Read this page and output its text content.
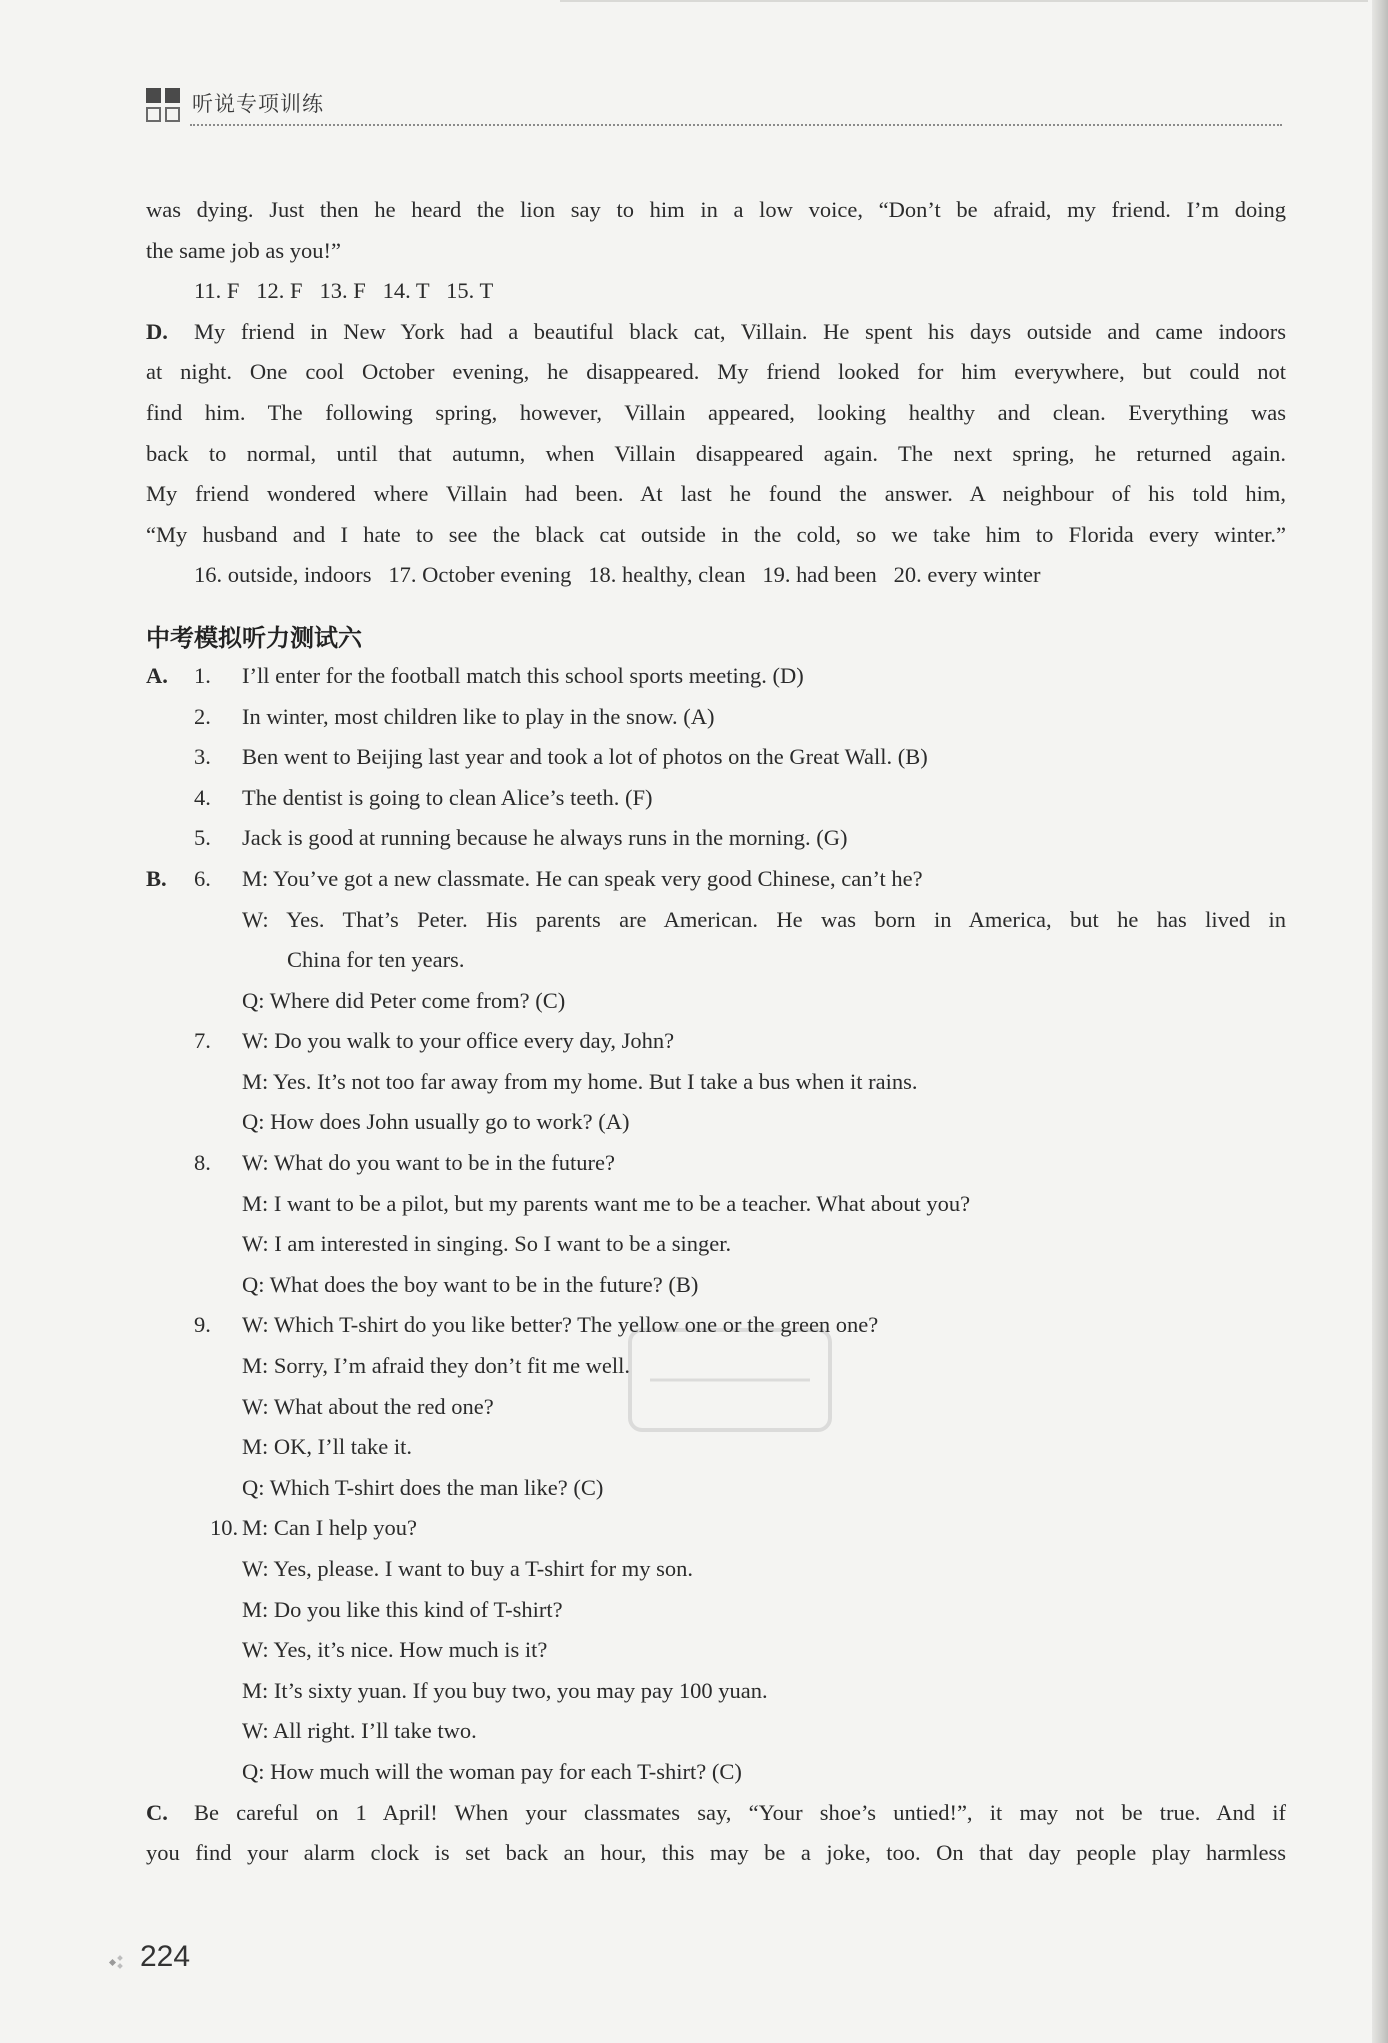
听说专项训练
was dying. Just then he heard the lion say to him in a low voice, “Don’t be afraid, my friend. I’m doing
the same job as you!”
11. F   12. F   13. F   14. T   15. T
D. My friend in New York had a beautiful black cat, Villain. He spent his days outside and came indoors
at night. One cool October evening, he disappeared. My friend looked for him everywhere, but could not
find him. The following spring, however, Villain appeared, looking healthy and clean. Everything was
back to normal, until that autumn, when Villain disappeared again. The next spring, he returned again.
My friend wondered where Villain had been. At last he found the answer. A neighbour of his told him,
“My husband and I hate to see the black cat outside in the cold, so we take him to Florida every winter.”
16. outside, indoors   17. October evening   18. healthy, clean   19. had been   20. every winter
中考模拟听力测试六
A. 1. I’ll enter for the football match this school sports meeting. (D)
2. In winter, most children like to play in the snow. (A)
3. Ben went to Beijing last year and took a lot of photos on the Great Wall. (B)
4. The dentist is going to clean Alice’s teeth. (F)
5. Jack is good at running because he always runs in the morning. (G)
B. 6. M: You’ve got a new classmate. He can speak very good Chinese, can’t he?
W: Yes. That’s Peter. His parents are American. He was born in America, but he has lived in
China for ten years.
Q: Where did Peter come from? (C)
7. W: Do you walk to your office every day, John?
M: Yes. It’s not too far away from my home. But I take a bus when it rains.
Q: How does John usually go to work? (A)
8. W: What do you want to be in the future?
M: I want to be a pilot, but my parents want me to be a teacher. What about you?
W: I am interested in singing. So I want to be a singer.
Q: What does the boy want to be in the future? (B)
9. W: Which T-shirt do you like better? The yellow one or the green one?
M: Sorry, I’m afraid they don’t fit me well.
W: What about the red one?
M: OK, I’ll take it.
Q: Which T-shirt does the man like? (C)
10. M: Can I help you?
W: Yes, please. I want to buy a T-shirt for my son.
M: Do you like this kind of T-shirt?
W: Yes, it’s nice. How much is it?
M: It’s sixty yuan. If you buy two, you may pay 100 yuan.
W: All right. I’ll take two.
Q: How much will the woman pay for each T-shirt? (C)
C. Be careful on 1 April! When your classmates say, “Your shoe’s untied!”, it may not be true. And if
you find your alarm clock is set back an hour, this may be a joke, too. On that day people play harmless
224
